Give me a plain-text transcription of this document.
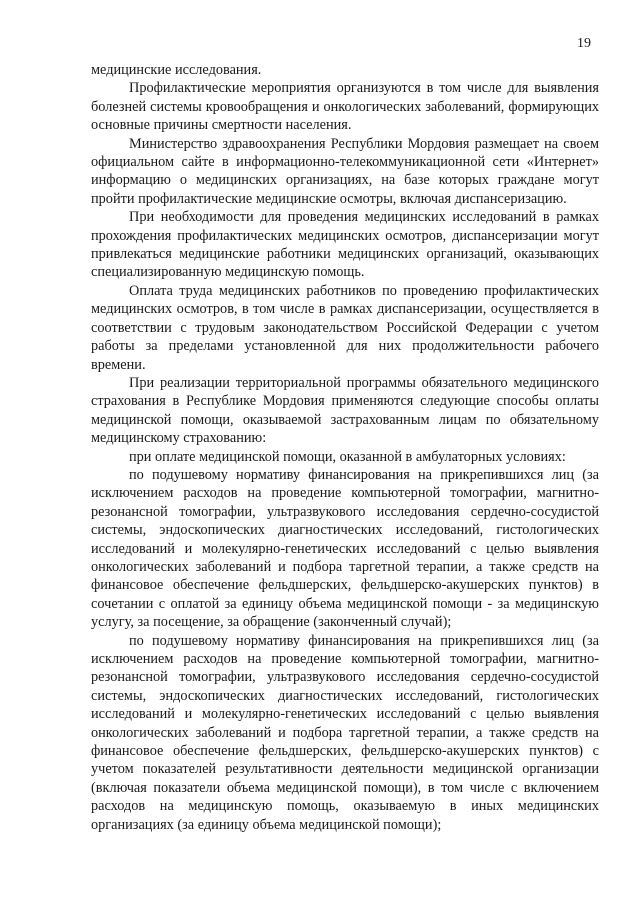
19

медицинские исследования.

Профилактические мероприятия организуются в том числе для выявления болезней системы кровообращения и онкологических заболеваний, формирующих основные причины смертности населения.

Министерство здравоохранения Республики Мордовия размещает на своем официальном сайте в информационно-телекоммуникационной сети «Интернет» информацию о медицинских организациях, на базе которых граждане могут пройти профилактические медицинские осмотры, включая диспансеризацию.

При необходимости для проведения медицинских исследований в рамках прохождения профилактических медицинских осмотров, диспансеризации могут привлекаться медицинские работники медицинских организаций, оказывающих специализированную медицинскую помощь.

Оплата труда медицинских работников по проведению профилактических медицинских осмотров, в том числе в рамках диспансеризации, осуществляется в соответствии с трудовым законодательством Российской Федерации с учетом работы за пределами установленной для них продолжительности рабочего времени.

При реализации территориальной программы обязательного медицинского страхования в Республике Мордовия применяются следующие способы оплаты медицинской помощи, оказываемой застрахованным лицам по обязательному медицинскому страхованию:

при оплате медицинской помощи, оказанной в амбулаторных условиях:

по подушевому нормативу финансирования на прикрепившихся лиц (за исключением расходов на проведение компьютерной томографии, магнитно-резонансной томографии, ультразвукового исследования сердечно-сосудистой системы, эндоскопических диагностических исследований, гистологических исследований и молекулярно-генетических исследований с целью выявления онкологических заболеваний и подбора таргетной терапии, а также средств на финансовое обеспечение фельдшерских, фельдшерско-акушерских пунктов) в сочетании с оплатой за единицу объема медицинской помощи - за медицинскую услугу, за посещение, за обращение (законченный случай);

по подушевому нормативу финансирования на прикрепившихся лиц (за исключением расходов на проведение компьютерной томографии, магнитно-резонансной томографии, ультразвукового исследования сердечно-сосудистой системы, эндоскопических диагностических исследований, гистологических исследований и молекулярно-генетических исследований с целью выявления онкологических заболеваний и подбора таргетной терапии, а также средств на финансовое обеспечение фельдшерских, фельдшерско-акушерских пунктов) с учетом показателей результативности деятельности медицинской организации (включая показатели объема медицинской помощи), в том числе с включением расходов на медицинскую помощь, оказываемую в иных медицинских организациях (за единицу объема медицинской помощи);
